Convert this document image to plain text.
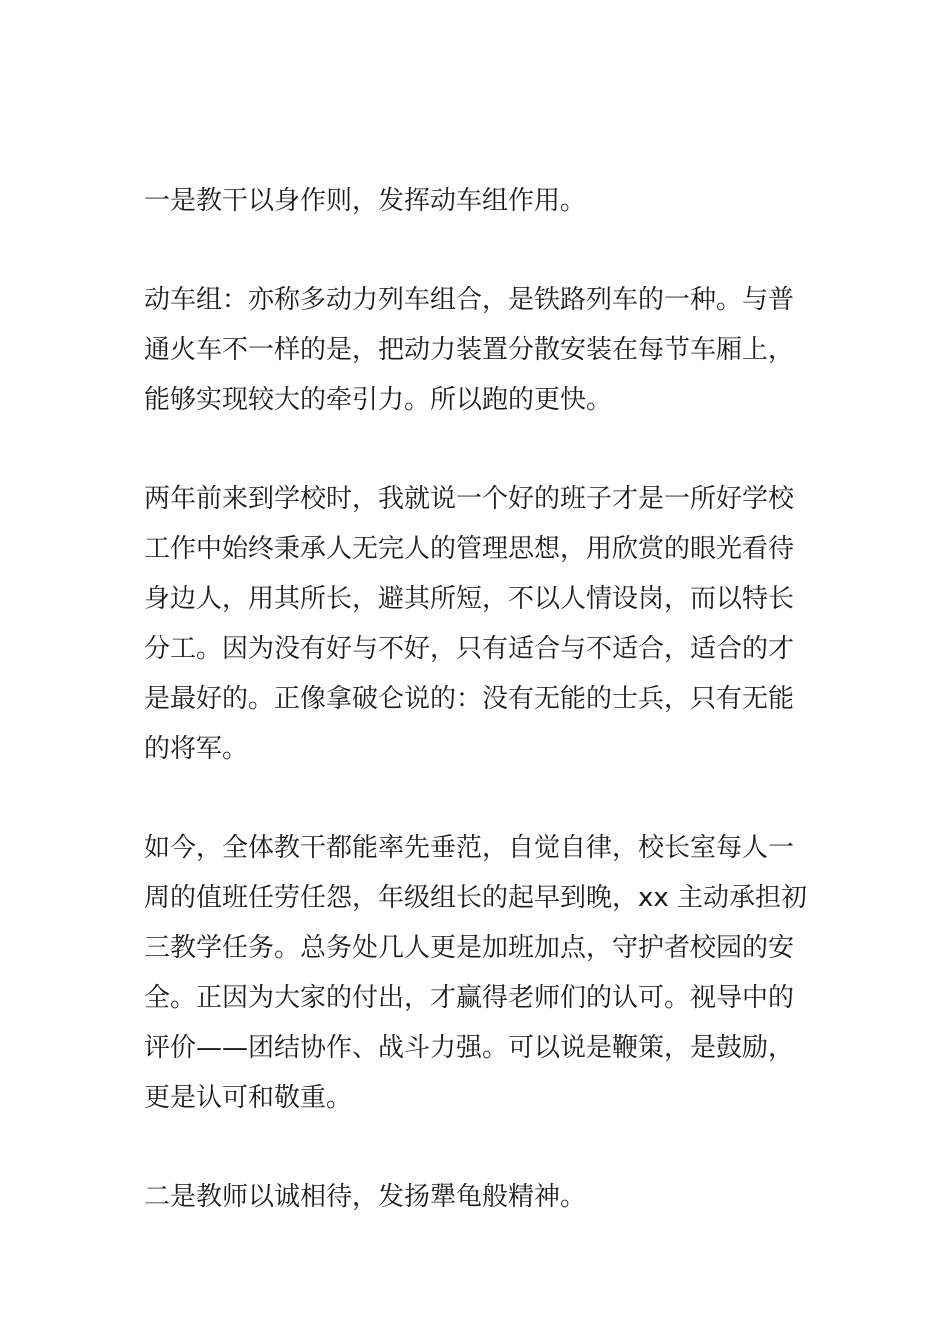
一是教干以身作则，发挥动车组作用。
动车组：亦称多动力列车组合，是铁路列车的一种。与普
通火车不一样的是，把动力装置分散安装在每节车厢上，
能够实现较大的牵引力。所以跑的更快。
两年前来到学校时，我就说一个好的班子才是一所好学校
工作中始终秉承人无完人的管理思想，用欣赏的眼光看待
身边人，用其所长，避其所短，不以人情设岗，而以特长
分工。因为没有好与不好，只有适合与不适合，适合的才
是最好的。正像拿破仑说的：没有无能的士兵，只有无能
的将军。
如今，全体教干都能率先垂范，自觉自律，校长室每人一
周的值班任劳任怨，年级组长的起早到晚，xx 主动承担初
三教学任务。总务处几人更是加班加点，守护者校园的安
全。正因为大家的付出，才赢得老师们的认可。视导中的
评价——团结协作、战斗力强。可以说是鞭策，是鼓励，
更是认可和敬重。
二是教师以诚相待，发扬犟龟般精神。
